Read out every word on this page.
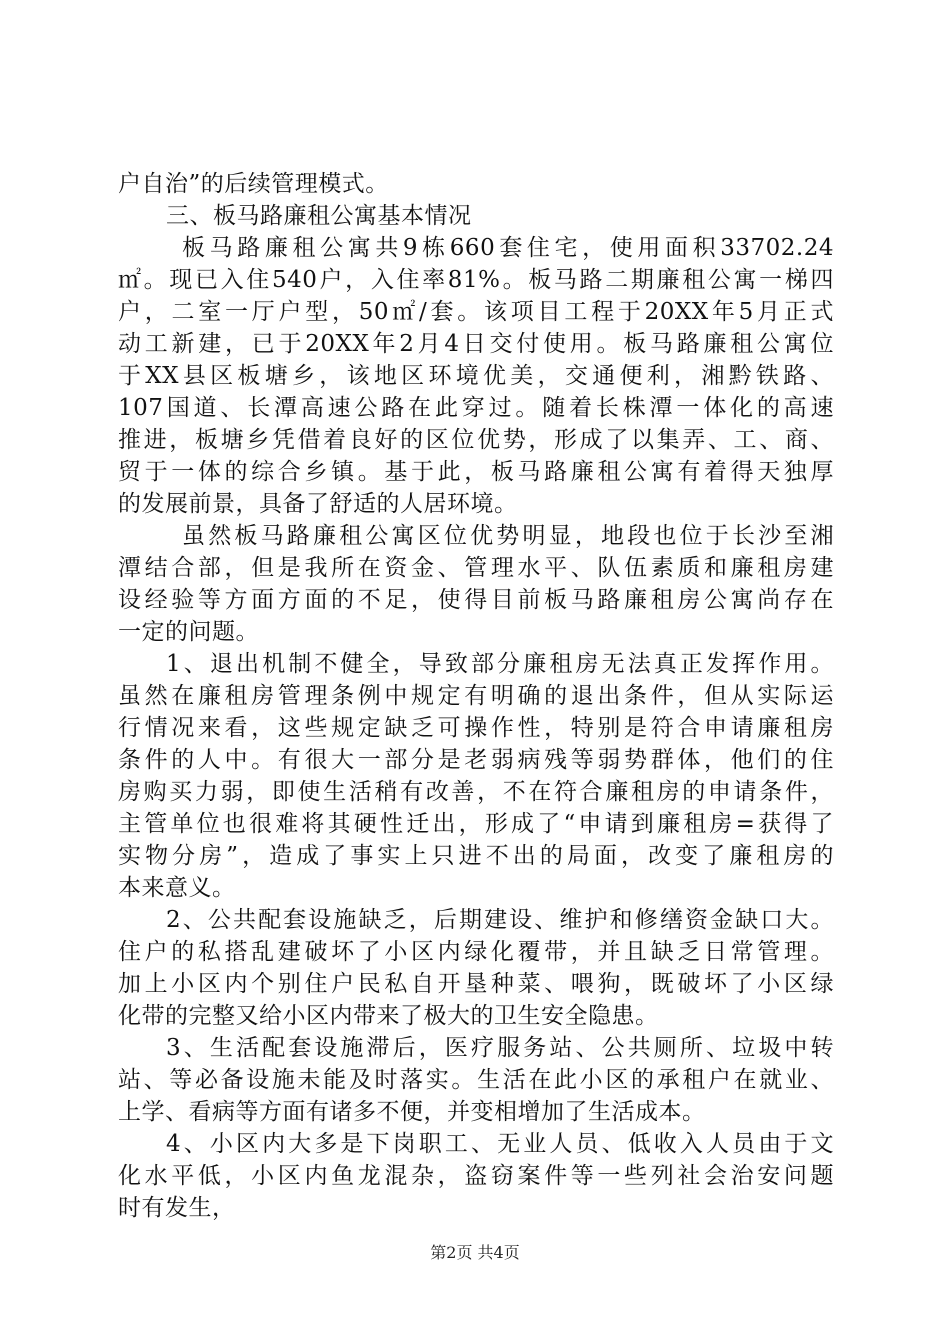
户自治”的后续管理模式。
三、板马路廉租公寓基本情况
板马路廉租公寓共9栋660套住宅，使用面积33702.24
㎡。现已入住540户，入住率81%。板马路二期廉租公寓一梯四
户，二室一厅户型，50㎡/套。该项目工程于20XX年5月正式
动工新建，已于20XX年2月4日交付使用。板马路廉租公寓位
于XX县区板塘乡，该地区环境优美，交通便利，湘黔铁路、
107国道、长潭高速公路在此穿过。随着长株潭一体化的高速
推进，板塘乡凭借着良好的区位优势，形成了以集弄、工、商、
贸于一体的综合乡镇。基于此，板马路廉租公寓有着得天独厚
的发展前景，具备了舒适的人居环境。
虽然板马路廉租公寓区位优势明显，地段也位于长沙至湘
潭结合部，但是我所在资金、管理水平、队伍素质和廉租房建
设经验等方面方面的不足，使得目前板马路廉租房公寓尚存在
一定的问题。
1、退出机制不健全，导致部分廉租房无法真正发挥作用。
虽然在廉租房管理条例中规定有明确的退出条件，但从实际运
行情况来看，这些规定缺乏可操作性，特别是符合申请廉租房
条件的人中。有很大一部分是老弱病残等弱势群体，他们的住
房购买力弱，即使生活稍有改善，不在符合廉租房的申请条件，
主管单位也很难将其硬性迁出，形成了“申请到廉租房=获得了
实物分房”，造成了事实上只进不出的局面，改变了廉租房的
本来意义。
2、公共配套设施缺乏，后期建设、维护和修缮资金缺口大。
住户的私搭乱建破坏了小区内绿化覆带，并且缺乏日常管理。
加上小区内个别住户民私自开垦种菜、喂狗，既破坏了小区绿
化带的完整又给小区内带来了极大的卫生安全隐患。
3、生活配套设施滞后，医疗服务站、公共厕所、垃圾中转
站、等必备设施未能及时落实。生活在此小区的承租户在就业、
上学、看病等方面有诸多不便，并变相增加了生活成本。
4、小区内大多是下岗职工、无业人员、低收入人员由于文
化水平低，小区内鱼龙混杂，盗窃案件等一些列社会治安问题
时有发生，
第2页 共4页
